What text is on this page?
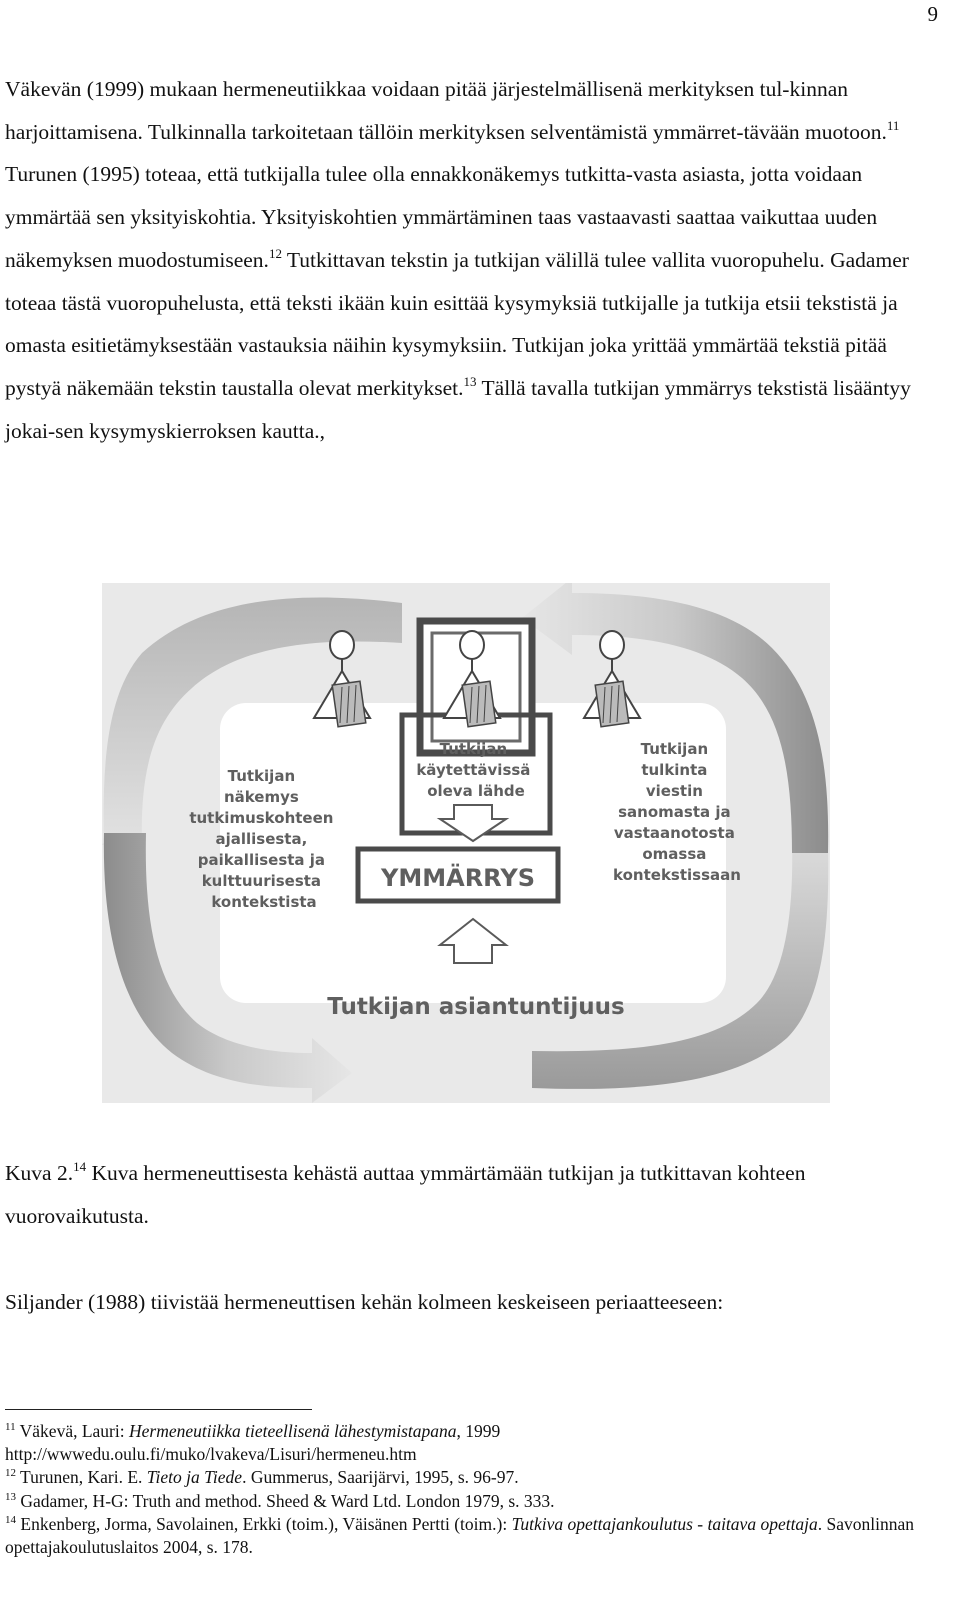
9
Väkevän (1999) mukaan hermeneutiikkaa voidaan pitää järjestelmällisenä merkityksen tul-kinnan harjoittamisena. Tulkinnalla tarkoitetaan tällöin merkityksen selventämistä ymmärret-tävään muotoon.$^{11}$ Turunen (1995) toteaa, että tutkijalla tulee olla ennakkonäkemys tutkitta-vasta asiasta, jotta voidaan ymmärtää sen yksityiskohtia. Yksityiskohtien ymmärtäminen taas vastaavasti saattaa vaikuttaa uuden näkemyksen muodostumiseen.$^{12}$ Tutkittavan tekstin ja tutkijan välillä tulee vallita vuoropuhelu. Gadamer toteaa tästä vuoropuhelusta, että teksti ikään kuin esittää kysymyksiä tutkijalle ja tutkija etsii tekstistä ja omasta esitietämyksestään vastauksia näihin kysymyksiin. Tutkijan joka yrittää ymmärtää tekstiä pitää pystyä näkemään tekstin taustalla olevat merkitykset.$^{13}$ Tällä tavalla tutkijan ymmärrys tekstistä lisääntyy jokai-sen kysymyskierroksen kautta.,
Tutkijan näkemys tutkimuskohteen ajallisesta, paikallisesta ja kulttuurisesta kontekstista
Tutkijan käytettävissä oleva lähde
Tutkijan tulkinta viestin sanomasta ja vastaanotosta omassa kontekstissaan
YMMÄRRYS
Tutkijan asiantuntijuus
Kuva 2.14 Kuva hermeneuttisesta kehästä auttaa ymmärtämään tutkijan ja tutkittavan kohteen vuorovaikutusta.
Siljander (1988) tiivistää hermeneuttisen kehän kolmeen keskeiseen periaatteeseen:

$^{11}$ Väkevä, Lauri: Hermeneutiikka tieteellisenä lähestymistapana, 1999
http://wwwedu.oulu.fi/muko/lvakeva/Lisuri/hermeneu.htm

$^{12}$ Turunen, Kari. E. Tieto ja Tiede. Gummerus, Saarijärvi, 1995, s. 96-97.

$^{13}$ Gadamer, H-G: Truth and method. Sheed & Ward Ltd. London 1979, s. 333.

$^{14}$ Enkenberg, Jorma, Savolainen, Erkki (toim.), Väisänen Pertti (toim.): Tutkiva opettajankoulutus - taitava opettaja. Savonlinnan opettajakoulutuslaitos 2004, s. 178.
